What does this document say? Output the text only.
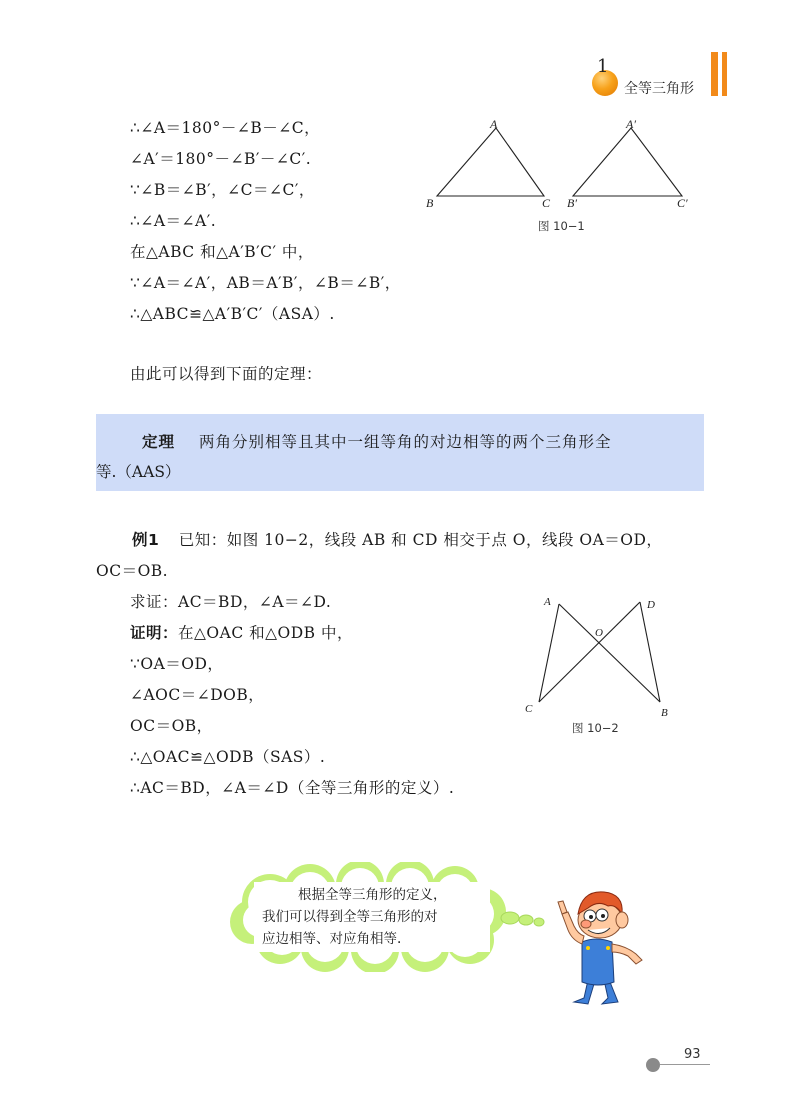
1
全等三角形
∴∠A＝180°－∠B－∠C，
∠A′＝180°－∠B′－∠C′.
∵∠B＝∠B′，∠C＝∠C′，
∴∠A＝∠A′.
在△ABC 和△A′B′C′ 中，
∵∠A＝∠A′，AB＝A′B′，∠B＝∠B′，
∴△ABC≌△A′B′C′（ASA）.
A
B	C
A′
B′	C′
图 10−1
由此可以得到下面的定理：
定理 两角分别相等且其中一组等角的对边相等的两个三角形全
等.（AAS）
例1 已知：如图 10−2，线段 AB 和 CD 相交于点 O，线段 OA＝OD，
OC＝OB.
求证：AC＝BD，∠A＝∠D.
证明：在△OAC 和△ODB 中，
∵OA＝OD，
∠AOC＝∠DOB，
OC＝OB，
∴△OAC≌△ODB（SAS）.
∴AC＝BD，∠A＝∠D（全等三角形的定义）.
A	D
O
C	B
图 10−2
根据全等三角形的定义，
我们可以得到全等三角形的对
应边相等、对应角相等.
93
